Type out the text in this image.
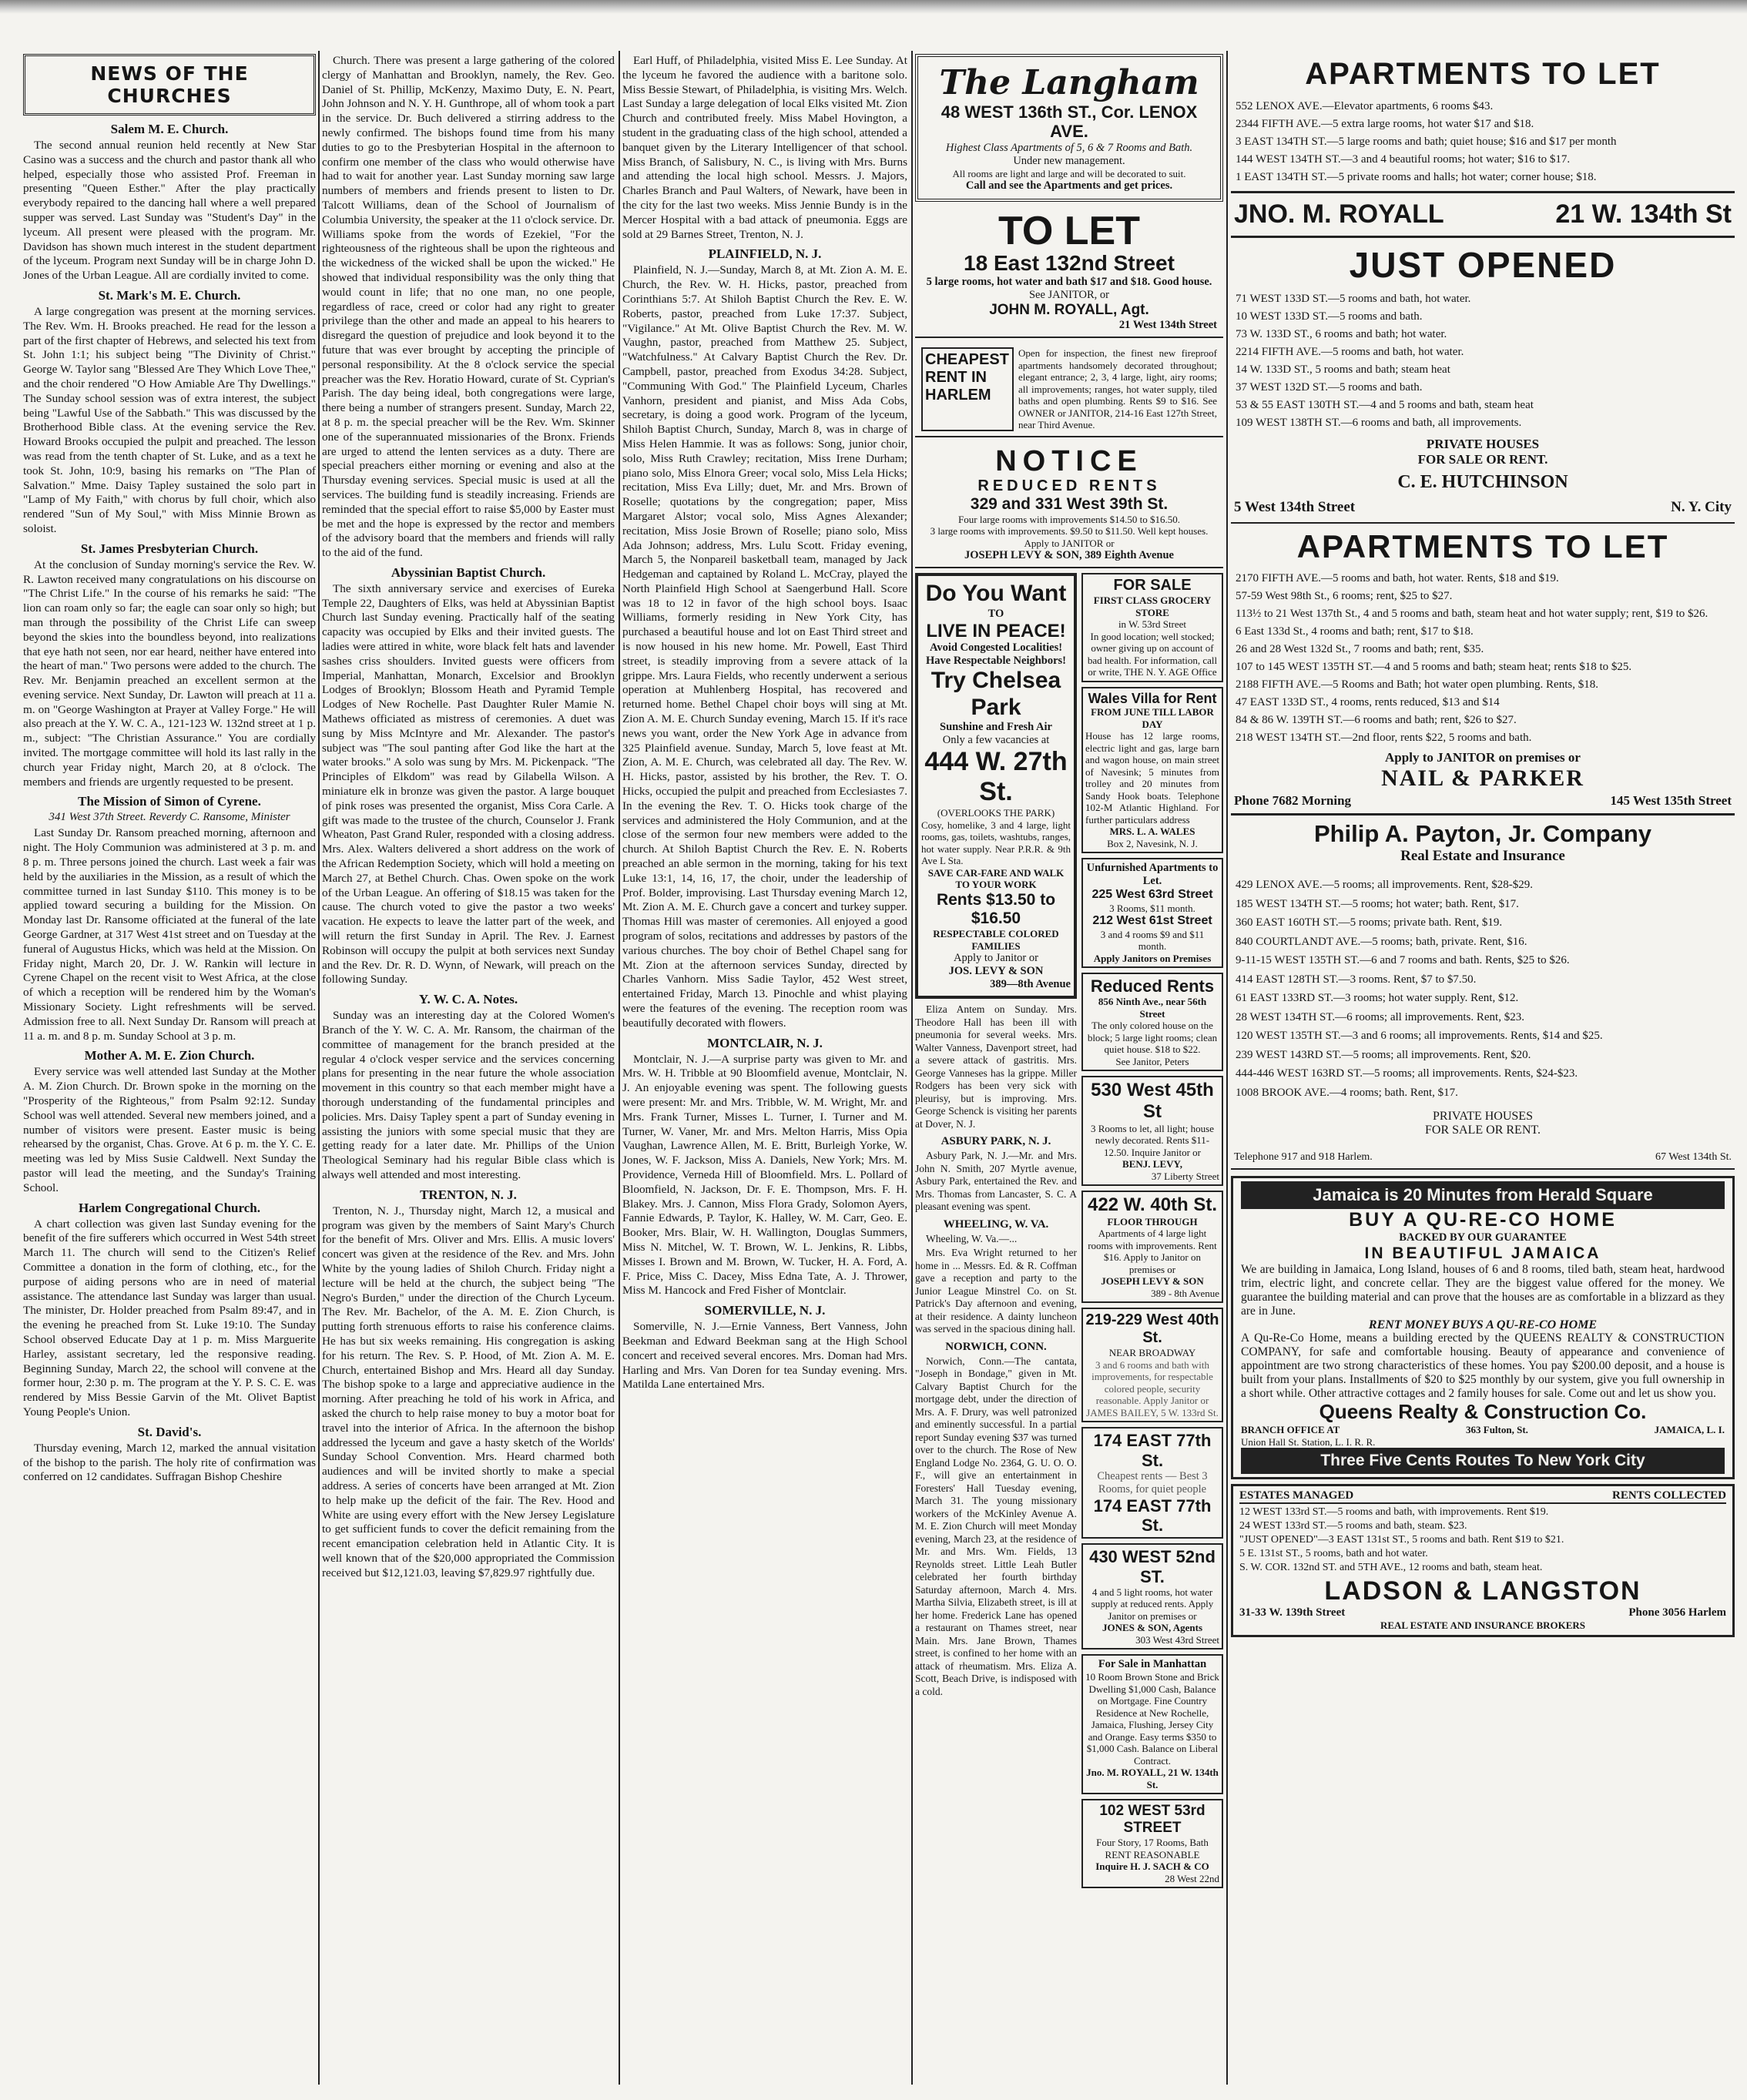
NEWS OF THE CHURCHES
Salem M. E. Church.

The second annual reunion held recently at New Star Casino was a success and the church and pastor thank all who helped, especially those who assisted Prof. Freeman in presenting "Queen Esther." After the play practically everybody repaired to the dancing hall where a well prepared supper was served. Last Sunday was "Student's Day" in the lyceum. All present were pleased with the program. Mr. Davidson has shown much interest in the student department of the lyceum. Program next Sunday will be in charge John D. Jones of the Urban League. All are cordially invited to come.

St. Mark's M. E. Church.

A large congregation was present at the morning services. The Rev. Wm. H. Brooks preached. He read for the lesson a part of the first chapter of Hebrews, and selected his text from St. John 1:1; his subject being "The Divinity of Christ." George W. Taylor sang "Blessed Are They Which Love Thee," and the choir rendered "O How Amiable Are Thy Dwellings." The Sunday school session was of extra interest, the subject being "Lawful Use of the Sabbath." This was discussed by the Brotherhood Bible class. At the evening service the Rev. Howard Brooks occupied the pulpit and preached. The lesson was read from the tenth chapter of St. Luke, and as a text he took St. John, 10:9, basing his remarks on "The Plan of Salvation." Mme. Daisy Tapley sustained the solo part in "Lamp of My Faith," with chorus by full choir, which also rendered "Sun of My Soul," with Miss Minnie Brown as soloist.

St. James Presbyterian Church.

At the conclusion of Sunday morning's service the Rev. W. R. Lawton received many congratulations on his discourse on "The Christ Life." In the course of his remarks he said: "The lion can roam only so far; the eagle can soar only so high; but man through the possibility of the Christ Life can sweep beyond the skies into the boundless beyond, into realizations that eye hath not seen, nor ear heard, neither have entered into the heart of man." Two persons were added to the church. The Rev. Mr. Benjamin preached an excellent sermon at the evening service. Next Sunday, Dr. Lawton will preach at 11 a. m. on "George Washington at Prayer at Valley Forge." He will also preach at the Y. W. C. A., 121-123 W. 132nd street at 1 p. m., subject: "The Christian Assurance." You are cordially invited. The mortgage committee will hold its last rally in the church year Friday night, March 20, at 8 o'clock. The members and friends are urgently requested to be present.

The Mission of Simon of Cyrene.
341 West 37th Street. Reverdy C. Ransome, Minister

Last Sunday Dr. Ransom preached morning, afternoon and night. The Holy Communion was administered at 3 p. m. and 8 p. m. Three persons joined the church. Last week a fair was held by the auxiliaries in the Mission, as a result of which the committee turned in last Sunday $110. This money is to be applied toward securing a building for the Mission. On Monday last Dr. Ransome officiated at the funeral of the late George Gardner, at 317 West 41st street and on Tuesday at the funeral of Augustus Hicks, which was held at the Mission. On Friday night, March 20, Dr. J. W. Rankin will lecture in Cyrene Chapel on the recent visit to West Africa, at the close of which a reception will be rendered him by the Woman's Missionary Society. Light refreshments will be served. Admission free to all. Next Sunday Dr. Ransom will preach at 11 a. m. and 8 p. m. Sunday School at 3 p. m.

Mother A. M. E. Zion Church.

Every service was well attended last Sunday at the Mother A. M. Zion Church. Dr. Brown spoke in the morning on the "Prosperity of the Righteous," from Psalm 92:12. Sunday School was well attended. Several new members joined, and a number of visitors were present. Easter music is being rehearsed by the organist, Chas. Grove. At 6 p. m. the Y. C. E. meeting was led by Miss Susie Caldwell. Next Sunday the pastor will lead the meeting, and the Sunday's Training School.

Harlem Congregational Church.

A chart collection was given last Sunday evening for the benefit of the fire sufferers which occurred in West 54th street March 11. The church will send to the Citizen's Relief Committee a donation in the form of clothing, etc., for the purpose of aiding persons who are in need of material assistance. The attendance last Sunday was larger than usual. The minister, Dr. Holder preached from Psalm 89:47, and in the evening he preached from St. Luke 19:10. The Sunday School observed Educate Day at 1 p. m. Miss Marguerite Harley, assistant secretary, led the responsive reading. Beginning Sunday, March 22, the school will convene at the former hour, 2:30 p. m. The program at the Y. P. S. C. E. was rendered by Miss Bessie Garvin of the Mt. Olivet Baptist Young People's Union.

St. David's.

Thursday evening, March 12, marked the annual visitation of the bishop to the parish. The holy rite of confirmation was conferred on 12 candidates. Suffragan Bishop Cheshire

Church. There was present a large gathering of the colored clergy of Manhattan and Brooklyn, namely, the Rev. Geo. Daniel of St. Phillip, McKenzy, Maximo Duty, E. N. Peart, John Johnson and N. Y. H. Gunthrope, all of whom took a part in the service. Dr. Buch delivered a stirring address to the newly confirmed. The bishops found time from his many duties to go to the Presbyterian Hospital in the afternoon to confirm one member of the class who would otherwise have had to wait for another year. Last Sunday morning saw large numbers of members and friends present to listen to Dr. Talcott Williams, dean of the School of Journalism of Columbia University, the speaker at the 11 o'clock service. Dr. Williams spoke from the words of Ezekiel, "For the righteousness of the righteous shall be upon the righteous and the wickedness of the wicked shall be upon the wicked." He showed that individual responsibility was the only thing that would count in life; that no one man, no one people, regardless of race, creed or color had any right to greater privilege than the other and made an appeal to his hearers to disregard the question of prejudice and look beyond it to the future that was ever brought by accepting the principle of personal responsibility. At the 8 o'clock service the special preacher was the Rev. Horatio Howard, curate of St. Cyprian's Parish. The day being ideal, both congregations were large, there being a number of strangers present. Sunday, March 22, at 8 p. m. the special preacher will be the Rev. Wm. Skinner one of the superannuated missionaries of the Bronx. Friends are urged to attend the lenten services as a duty. There are special preachers either morning or evening and also at the Thursday evening services. Special music is used at all the services. The building fund is steadily increasing. Friends are reminded that the special effort to raise $5,000 by Easter must be met and the hope is expressed by the rector and members of the advisory board that the members and friends will rally to the aid of the fund.

Abyssinian Baptist Church.

The sixth anniversary service and exercises of Eureka Temple 22, Daughters of Elks, was held at Abyssinian Baptist Church last Sunday evening. Practically half of the seating capacity was occupied by Elks and their invited guests. The ladies were attired in white, wore black felt hats and lavender sashes criss shoulders. Invited guests were officers from Imperial, Manhattan, Monarch, Excelsior and Brooklyn Lodges of Brooklyn; Blossom Heath and Pyramid Temple Lodges of New Rochelle. Past Daughter Ruler Mamie N. Mathews officiated as mistress of ceremonies. A duet was sung by Miss McIntyre and Mr. Alexander. The pastor's subject was "The soul panting after God like the hart at the water brooks." A solo was sung by Mrs. M. Pickenpack. "The Principles of Elkdom" was read by Gilabella Wilson. A miniature elk in bronze was given the pastor. A large bouquet of pink roses was presented the organist, Miss Cora Carle. A gift was made to the trustee of the church, Counselor J. Frank Wheaton, Past Grand Ruler, responded with a closing address. Mrs. Alex. Walters delivered a short address on the work of the African Redemption Society, which will hold a meeting on March 27, at Bethel Church. Chas. Owen spoke on the work of the Urban League. An offering of $18.15 was taken for the cause. The church voted to give the pastor a two weeks' vacation. He expects to leave the latter part of the week, and will return the first Sunday in April. The Rev. J. Earnest Robinson will occupy the pulpit at both services next Sunday and the Rev. Dr. R. D. Wynn, of Newark, will preach on the following Sunday.

Y. W. C. A. Notes.

Sunday was an interesting day at the Colored Women's Branch of the Y. W. C. A. Mr. Ransom, the chairman of the committee of management for the branch presided at the regular 4 o'clock vesper service and the services concerning plans for presenting in the near future the whole association movement in this country so that each member might have a thorough understanding of the fundamental principles and policies. Mrs. Daisy Tapley spent a part of Sunday evening in assisting the juniors with some special music that they are getting ready for a later date. Mr. Phillips of the Union Theological Seminary had his regular Bible class which is always well attended and most interesting.

TRENTON, N. J.

Trenton, N. J., Thursday night, March 12, a musical and program was given by the members of Saint Mary's Church for the benefit of Mrs. Oliver and Mrs. Ellis. A music lovers' concert was given at the residence of the Rev. and Mrs. John White by the young ladies of Shiloh Church. Friday night a lecture will be held at the church, the subject being "The Negro's Burden," under the direction of the Church Lyceum. The Rev. Mr. Bachelor, of the A. M. E. Zion Church, is putting forth strenuous efforts to raise his conference claims. He has but six weeks remaining. His congregation is asking for his return. The Rev. S. P. Hood, of Mt. Zion A. M. E. Church, entertained Bishop and Mrs. Heard all day Sunday. The bishop spoke to a large and appreciative audience in the morning. After preaching he told of his work in Africa, and asked the church to help raise money to buy a motor boat for travel into the interior of Africa. In the afternoon the bishop addressed the lyceum and gave a hasty sketch of the Worlds' Sunday School Convention. Mrs. Heard charmed both audiences and will be invited shortly to make a special address. A series of concerts have been arranged at Mt. Zion to help make up the deficit of the fair. The Rev. Hood and White are using every effort with the New Jersey Legislature to get sufficient funds to cover the deficit remaining from the recent emancipation celebration held in Atlantic City. It is well known that of the $20,000 appropriated the Commission received but $12,121.03, leaving $7,829.97 rightfully due.

Earl Huff, of Philadelphia, visited Miss E. Lee Sunday. At the lyceum he favored the audience with a baritone solo. Miss Bessie Stewart, of Philadelphia, is visiting Mrs. Welch. Last Sunday a large delegation of local Elks visited Mt. Zion Church and contributed freely. Miss Mabel Hovington, a student in the graduating class of the high school, attended a banquet given by the Literary Intelligencer of that school. Miss Branch, of Salisbury, N. C., is living with Mrs. Burns and attending the local high school. Messrs. J. Majors, Charles Branch and Paul Walters, of Newark, have been in the city for the last two weeks. Miss Jennie Bundy is in the Mercer Hospital with a bad attack of pneumonia. Eggs are sold at 29 Barnes Street, Trenton, N. J.

PLAINFIELD, N. J.

Plainfield, N. J.—Sunday, March 8, at Mt. Zion A. M. E. Church, the Rev. W. H. Hicks, pastor, preached from Corinthians 5:7. At Shiloh Baptist Church the Rev. E. W. Roberts, pastor, preached from Luke 17:37. Subject, "Vigilance." At Mt. Olive Baptist Church the Rev. M. W. Vaughn, pastor, preached from Matthew 25. Subject, "Watchfulness." At Calvary Baptist Church the Rev. Dr. Campbell, pastor, preached from Exodus 34:28. Subject, "Communing With God." The Plainfield Lyceum, Charles Vanhorn, president and pianist, and Miss Ada Cobs, secretary, is doing a good work. Program of the lyceum, Shiloh Baptist Church, Sunday, March 8, was in charge of Miss Helen Hammie. It was as follows: Song, junior choir, solo, Miss Ruth Crawley; recitation, Miss Irene Durham; piano solo, Miss Elnora Greer; vocal solo, Miss Lela Hicks; recitation, Miss Eva Lilly; duet, Mr. and Mrs. Brown of Roselle; quotations by the congregation; paper, Miss Margaret Alstor; vocal solo, Miss Agnes Alexander; recitation, Miss Josie Brown of Roselle; piano solo, Miss Ada Johnson; address, Mrs. Lulu Scott. Friday evening, March 5, the Nonpareil basketball team, managed by Jack Hedgeman and captained by Roland L. McCray, played the North Plainfield High School at Saengerbund Hall. Score was 18 to 12 in favor of the high school boys. Isaac Williams, formerly residing in New York City, has purchased a beautiful house and lot on East Third street and is now housed in his new home. Mr. Powell, East Third street, is steadily improving from a severe attack of la grippe. Mrs. Laura Fields, who recently underwent a serious operation at Muhlenberg Hospital, has recovered and returned home. Bethel Chapel choir boys will sing at Mt. Zion A. M. E. Church Sunday evening, March 15. If it's race news you want, order the New York Age in advance from 325 Plainfield avenue. Sunday, March 5, love feast at Mt. Zion, A. M. E. Church, was celebrated all day. The Rev. W. H. Hicks, pastor, assisted by his brother, the Rev. T. O. Hicks, occupied the pulpit and preached from Ecclesiastes 7. In the evening the Rev. T. O. Hicks took charge of the services and administered the Holy Communion, and at the close of the sermon four new members were added to the church. At Shiloh Baptist Church the Rev. E. N. Roberts preached an able sermon in the morning, taking for his text Luke 13:1, 14, 16, 17, the choir, under the leadership of Prof. Bolder, improvising. Last Thursday evening March 12, Mt. Zion A. M. E. Church gave a concert and turkey supper. Thomas Hill was master of ceremonies. All enjoyed a good program of solos, recitations and addresses by pastors of the various churches. The boy choir of Bethel Chapel sang for Mt. Zion at the afternoon services Sunday, directed by Charles Vanhorn. Miss Sadie Taylor, 452 West street, entertained Friday, March 13. Pinochle and whist playing were the features of the evening. The reception room was beautifully decorated with flowers.

MONTCLAIR, N. J.

Montclair, N. J.—A surprise party was given to Mr. and Mrs. W. H. Tribble at 90 Bloomfield avenue, Montclair, N. J. An enjoyable evening was spent. The following guests were present: Mr. and Mrs. Tribble, W. M. Wright, Mr. and Mrs. Frank Turner, Misses L. Turner, I. Turner and M. Turner, W. Vaner, Mr. and Mrs. Melton Harris, Miss Opia Vaughan, Lawrence Allen, M. E. Britt, Burleigh Yorke, W. Jones, W. F. Jackson, Miss A. Daniels, New York; Mrs. M. Providence, Verneda Hill of Bloomfield. Mrs. L. Pollard of Bloomfield, N. Jackson, Dr. F. E. Thompson, Mrs. F. H. Blakey. Mrs. J. Cannon, Miss Flora Grady, Solomon Ayers, Fannie Edwards, P. Taylor, K. Halley, W. M. Carr, Geo. E. Booker, Mrs. Blair, W. H. Wallington, Douglas Summers, Miss N. Mitchel, W. T. Brown, W. L. Jenkins, R. Libbs, Misses I. Brown and M. Brown, W. Tucker, H. A. Ford, A. F. Price, Miss C. Dacey, Miss Edna Tate, A. J. Thrower, Miss M. Hancock and Fred Fisher of Montclair.

SOMERVILLE, N. J.

Somerville, N. J.—Ernie Vanness, Bert Vanness, John Beekman and Edward Beekman sang at the High School concert and received several encores. Mrs. Doman had Mrs. Harling and Mrs. Van Doren for tea Sunday evening. Mrs. Matilda Lane entertained Mrs.

The Langham
48 WEST 136th ST., Cor. LENOX AVE.
Highest Class Apartments of 5, 6 & 7 Rooms and Bath.
Under new management.
All rooms are light and large and will be decorated to suit.
Call and see the Apartments and get prices.
TO LET
18 East 132nd Street
5 large rooms, hot water and bath $17 and $18. Good house.
See JANITOR, or
JOHN M. ROYALL, Agt.
21 West 134th Street
CHEAPEST RENT IN HARLEM
Open for inspection, the finest new fireproof apartments handsomely decorated throughout; elegant entrance; 2, 3, 4 large, light, airy rooms; all improvements; ranges, hot water supply, tiled baths and open plumbing. Rents $9 to $16. See OWNER or JANITOR, 214-16 East 127th Street, near Third Avenue.
NOTICE
REDUCED RENTS
329 and 331 West 39th St.
Four large rooms with improvements $14.50 to $16.50.
3 large rooms with improvements. $9.50 to $11.50. Well kept houses.
Apply to JANITOR or
JOSEPH LEVY & SON, 389 Eighth Avenue
Do You Want
TO
LIVE IN PEACE!
Avoid Congested Localities!
Have Respectable Neighbors!
Try Chelsea Park
Sunshine and Fresh Air
Only a few vacancies at
444 W. 27th St.
(OVERLOOKS THE PARK)
Cosy, homelike, 3 and 4 large, light rooms, gas, toilets, washtubs, ranges, hot water supply. Near P.R.R. & 9th Ave L Sta.
SAVE CAR-FARE AND WALK TO YOUR WORK
Rents $13.50 to $16.50
RESPECTABLE COLORED FAMILIES
Apply to Janitor or
JOS. LEVY & SON
389—8th Avenue

Eliza Antem on Sunday. Mrs. Theodore Hall has been ill with pneumonia for several weeks. Mrs. Walter Vanness, Davenport street, had a severe attack of gastritis. Mrs. George Vanneses has la grippe. Miller Rodgers has been very sick with pleurisy, but is improving. Mrs. George Schenck is visiting her parents at Dover, N. J.

ASBURY PARK, N. J.

Asbury Park, N. J.—Mr. and Mrs. John N. Smith, 207 Myrtle avenue, Asbury Park, entertained the Rev. and Mrs. Thomas from Lancaster, S. C. A pleasant evening was spent.

WHEELING, W. VA.

Wheeling, W. Va.—...

Mrs. Eva Wright returned to her home in ... Messrs. Ed. & R. Coffman gave a reception and party to the Junior League Minstrel Co. on St. Patrick's Day afternoon and evening, at their residence. A dainty luncheon was served in the spacious dining hall.

NORWICH, CONN.

Norwich, Conn.—The cantata, "Joseph in Bondage," given in Mt. Calvary Baptist Church for the mortgage debt, under the direction of Mrs. A. F. Drury, was well patronized and eminently successful. In a partial report Sunday evening $37 was turned over to the church. The Rose of New England Lodge No. 2364, G. U. O. O. F., will give an entertainment in Foresters' Hall Tuesday evening, March 31. The young missionary workers of the McKinley Avenue A. M. E. Zion Church will meet Monday evening, March 23, at the residence of Mr. and Mrs. Wm. Fields, 13 Reynolds street. Little Leah Butler celebrated her fourth birthday Saturday afternoon, March 4. Mrs. Martha Silvia, Elizabeth street, is ill at her home. Frederick Lane has opened a restaurant on Thames street, near Main. Mrs. Jane Brown, Thames street, is confined to her home with an attack of rheumatism. Mrs. Eliza A. Scott, Beach Drive, is indisposed with a cold.

FOR SALE
FIRST CLASS GROCERY STORE
in W. 53rd Street
In good location; well stocked; owner giving up on account of bad health. For information, call or write, THE N. Y. AGE Office
Wales Villa for Rent
FROM JUNE TILL LABOR DAY
House has 12 large rooms, electric light and gas, large barn and wagon house, on main street of Navesink; 5 minutes from trolley and 20 minutes from Sandy Hook boats. Telephone 102-M Atlantic Highland. For further particulars address
MRS. L. A. WALES
Box 2, Navesink, N. J.
Unfurnished Apartments to Let.
225 West 63rd Street
3 Rooms, $11 month.
212 West 61st Street
3 and 4 rooms $9 and $11 month.
Apply Janitors on Premises
Reduced Rents
856 Ninth Ave., near 56th Street
The only colored house on the block; 5 large light rooms; clean quiet house. $18 to $22.
See Janitor, Peters
530 West 45th St
3 Rooms to let, all light; house newly decorated. Rents $11-12.50. Inquire Janitor or
BENJ. LEVY,
37 Liberty Street
422 W. 40th St.
FLOOR THROUGH
Apartments of 4 large light rooms with improvements. Rent $16. Apply to Janitor on premises or
JOSEPH LEVY & SON
389 - 8th Avenue
219-229 West 40th St.
NEAR BROADWAY
3 and 6 rooms and bath with improvements, for respectable colored people, security reasonable. Apply Janitor or JAMES BAILEY, 5 W. 133rd St.
174 EAST 77th St.
Cheapest rents — Best 3 Rooms, for quiet people
174 EAST 77th St.
430 WEST 52nd ST.
4 and 5 light rooms, hot water supply at reduced rents. Apply Janitor on premises or
JONES & SON, Agents
303 West 43rd Street
For Sale in Manhattan
10 Room Brown Stone and Brick Dwelling $1,000 Cash, Balance on Mortgage. Fine Country Residence at New Rochelle, Jamaica, Flushing, Jersey City and Orange. Easy terms $350 to $1,000 Cash. Balance on Liberal Contract.
Jno. M. ROYALL, 21 W. 134th St.
102 WEST 53rd STREET
Four Story, 17 Rooms, Bath RENT REASONABLE
Inquire H. J. SACH & CO
28 West 22nd
APARTMENTS TO LET
552 LENOX AVE.—Elevator apartments, 6 rooms $43.
2344 FIFTH AVE.—5 extra large rooms, hot water $17 and $18.
3 EAST 134TH ST.—5 large rooms and bath; quiet house; $16 and $17 per month
144 WEST 134TH ST.—3 and 4 beautiful rooms; hot water; $16 to $17.
1 EAST 134TH ST.—5 private rooms and halls; hot water; corner house; $18.
JNO. M. ROYALL	21 W. 134th St
JUST OPENED
71 WEST 133D ST.—5 rooms and bath, hot water.
10 WEST 133D ST.—5 rooms and bath.
73 W. 133D ST., 6 rooms and bath; hot water.
2214 FIFTH AVE.—5 rooms and bath, hot water.
14 W. 133D ST., 5 rooms and bath; steam heat
37 WEST 132D ST.—5 rooms and bath.
53 & 55 EAST 130TH ST.—4 and 5 rooms and bath, steam heat
109 WEST 138TH ST.—6 rooms and bath, all improvements.
PRIVATE HOUSES
FOR SALE OR RENT.
C. E. HUTCHINSON
5 West 134th Street	N. Y. City
APARTMENTS TO LET
2170 FIFTH AVE.—5 rooms and bath, hot water. Rents, $18 and $19.
57-59 West 98th St., 6 rooms; rent, $25 to $27.
113½ to 21 West 137th St., 4 and 5 rooms and bath, steam heat and hot water supply; rent, $19 to $26.
6 East 133d St., 4 rooms and bath; rent, $17 to $18.
26 and 28 West 132d St., 7 rooms and bath; rent, $35.
107 to 145 WEST 135TH ST.—4 and 5 rooms and bath; steam heat; rents $18 to $25.
2188 FIFTH AVE.—5 Rooms and Bath; hot water open plumbing. Rents, $18.
47 EAST 133D ST., 4 rooms, rents reduced, $13 and $14
84 & 86 W. 139TH ST.—6 rooms and bath; rent, $26 to $27.
218 WEST 134TH ST.—2nd floor, rents $22, 5 rooms and bath.
Apply to JANITOR on premises or
NAIL & PARKER
Phone 7682 Morning	145 West 135th Street
Philip A. Payton, Jr. Company
Real Estate and Insurance
429 LENOX AVE.—5 rooms; all improvements. Rent, $28-$29.
185 WEST 134TH ST.—5 rooms; hot water; bath. Rent, $17.
360 EAST 160TH ST.—5 rooms; private bath. Rent, $19.
840 COURTLANDT AVE.—5 rooms; bath, private. Rent, $16.
9-11-15 WEST 135TH ST.—6 and 7 rooms and bath. Rents, $25 to $26.
414 EAST 128TH ST.—3 rooms. Rent, $7 to $7.50.
61 EAST 133RD ST.—3 rooms; hot water supply. Rent, $12.
28 WEST 134TH ST.—6 rooms; all improvements. Rent, $23.
120 WEST 135TH ST.—3 and 6 rooms; all improvements. Rents, $14 and $25.
239 WEST 143RD ST.—5 rooms; all improvements. Rent, $20.
444-446 WEST 163RD ST.—5 rooms; all improvements. Rents, $24-$23.
1008 BROOK AVE.—4 rooms; bath. Rent, $17.
PRIVATE HOUSES
FOR SALE OR RENT.
Telephone 917 and 918 Harlem.	67 West 134th St.
Jamaica is 20 Minutes from Herald Square
BUY A QU-RE-CO HOME
BACKED BY OUR GUARANTEE
IN BEAUTIFUL JAMAICA
We are building in Jamaica, Long Island, houses of 6 and 8 rooms, tiled bath, steam heat, hardwood trim, electric light, and concrete cellar. They are the biggest value offered for the money. We guarantee the building material and can prove that the houses are as comfortable in a blizzard as they are in June.
RENT MONEY BUYS A QU-RE-CO HOME
A Qu-Re-Co Home, means a building erected by the QUEENS REALTY & CONSTRUCTION COMPANY, for safe and comfortable housing. Beauty of appearance and convenience of appointment are two strong characteristics of these homes. You pay $200.00 deposit, and a house is built from your plans. Installments of $20 to $25 monthly by our system, give you full ownership in a short while. Other attractive cottages and 2 family houses for sale. Come out and let us show you.
Queens Realty & Construction Co.
BRANCH OFFICE AT	363 Fulton, St.	JAMAICA, L. I.
Union Hall St. Station, L. I. R. R.
Three Five Cents Routes To New York City
ESTATES MANAGED	RENTS COLLECTED
12 WEST 133rd ST.—5 rooms and bath, with improvements. Rent $19.
24 WEST 133rd ST.—5 rooms and bath, steam. $23.
"JUST OPENED"—3 EAST 131st ST., 5 rooms and bath. Rent $19 to $21.
5 E. 131st ST., 5 rooms, bath and hot water.
S. W. COR. 132nd ST. and 5TH AVE., 12 rooms and bath, steam heat.
LADSON & LANGSTON
31-33 W. 139th Street	Phone 3056 Harlem
REAL ESTATE AND INSURANCE BROKERS
